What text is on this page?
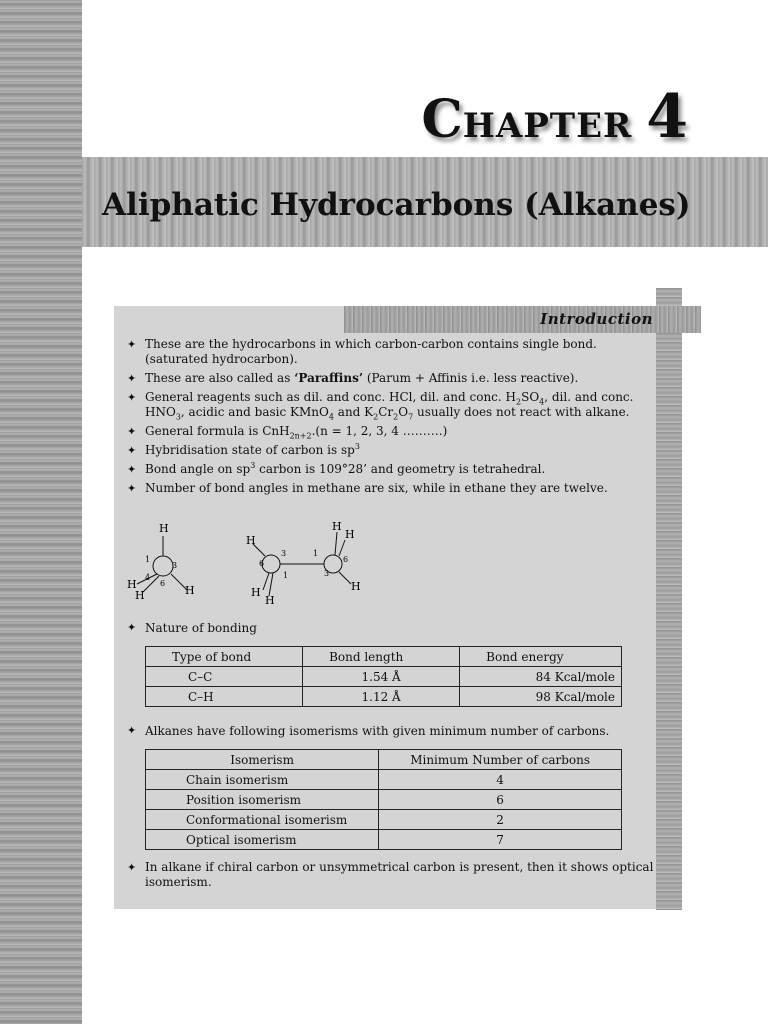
CHAPTER 4
Aliphatic Hydrocarbons (Alkanes)
Introduction
✦ These are the hydrocarbons in which carbon-carbon contains single bond. (saturated hydrocarbon).
✦ These are also called as ‘Paraffins’ (Parum + Affinis i.e. less reactive).
✦ General reagents such as dil. and conc. HCl, dil. and conc. $H_2SO_4$, dil. and conc. $HNO_3$, acidic and basic KMnO$_4$ and $K_2Cr_2O_7$ usually does not react with alkane.
✦ General formula is CnH$_{2n+2}$.(n = 1, 2, 3, 4 ……….)
✦ Hybridisation state of carbon is $sp^3$
✦ Bond angle on $sp^3$ carbon is 109°28’ and geometry is tetrahedral.
✦ Number of bond angles in methane are six, while in ethane they are twelve.
H
H
H	H
1
3
6
4
H
H
H
H
H
H
3
6
1
1
6
3
✦ Nature of bonding
Type of bond	Bond length	Bond energy
C–C	1.54 Å	84 Kcal/mole
C–H	1.12 Å	98 Kcal/mole
✦ Alkanes have following isomerisms with given minimum number of carbons.
Isomerism	Minimum Number of carbons
Chain isomerism	4
Position isomerism	6
Conformational isomerism	2
Optical isomerism	7
✦ In alkane if chiral carbon or unsymmetrical carbon is present, then it shows optical isomerism.
